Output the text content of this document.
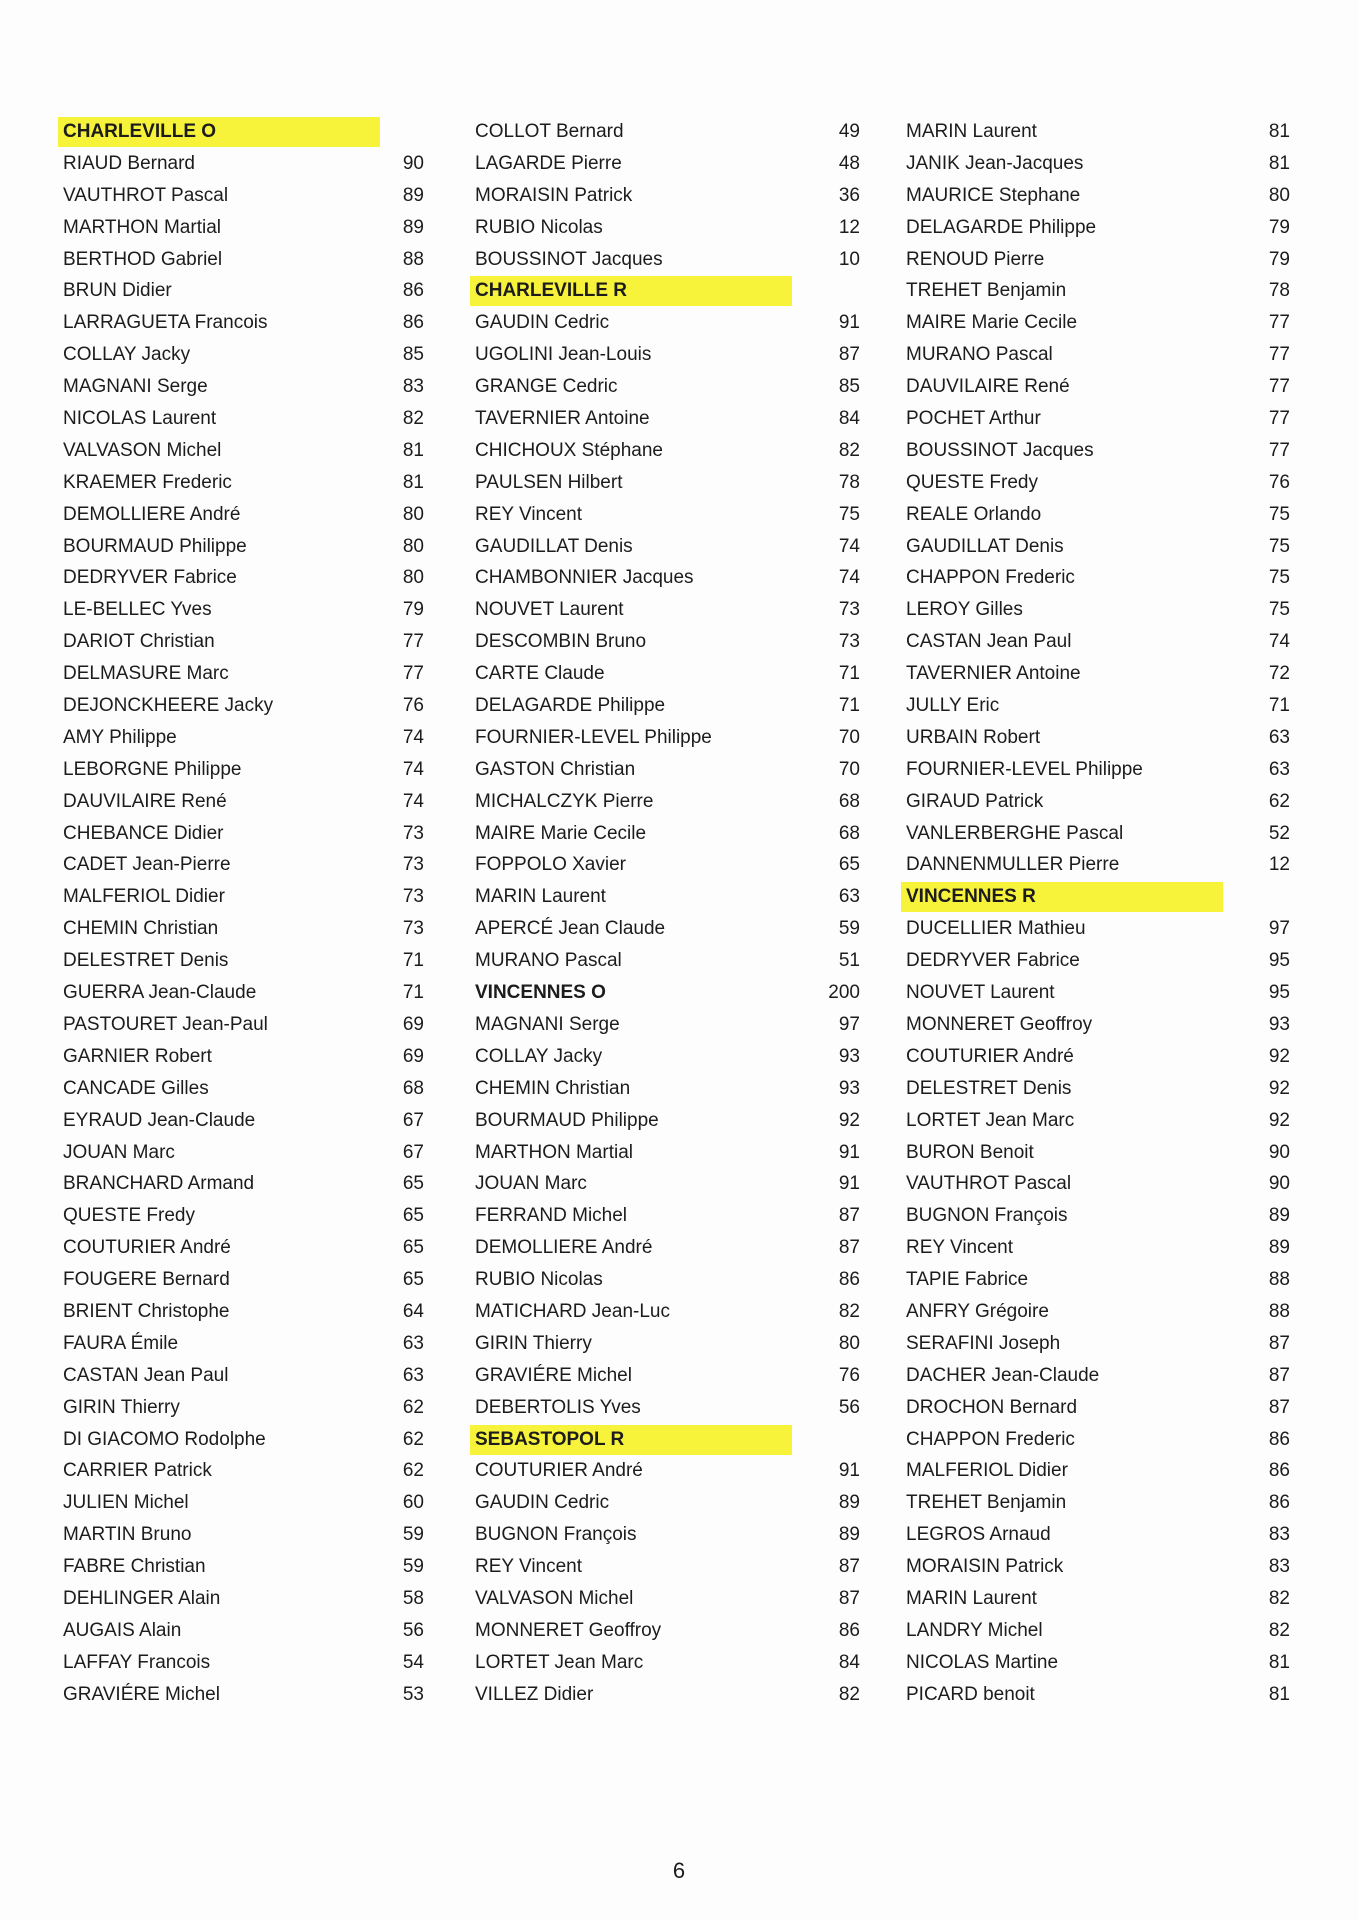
CHARLEVILLE O
RIAUD Bernard	90
VAUTHROT Pascal	89
MARTHON Martial	89
BERTHOD Gabriel	88
BRUN Didier	86
LARRAGUETA Francois	86
COLLAY Jacky	85
MAGNANI Serge	83
NICOLAS Laurent	82
VALVASON Michel	81
KRAEMER Frederic	81
DEMOLLIERE André	80
BOURMAUD Philippe	80
DEDRYVER Fabrice	80
LE-BELLEC Yves	79
DARIOT Christian	77
DELMASURE Marc	77
DEJONCKHEERE Jacky	76
AMY Philippe	74
LEBORGNE Philippe	74
DAUVILAIRE René	74
CHEBANCE Didier	73
CADET Jean-Pierre	73
MALFERIOL Didier	73
CHEMIN Christian	73
DELESTRET Denis	71
GUERRA Jean-Claude	71
PASTOURET Jean-Paul	69
GARNIER Robert	69
CANCADE Gilles	68
EYRAUD Jean-Claude	67
JOUAN Marc	67
BRANCHARD Armand	65
QUESTE Fredy	65
COUTURIER André	65
FOUGERE Bernard	65
BRIENT Christophe	64
FAURA Émile	63
CASTAN Jean Paul	63
GIRIN Thierry	62
DI GIACOMO Rodolphe	62
CARRIER Patrick	62
JULIEN Michel	60
MARTIN Bruno	59
FABRE Christian	59
DEHLINGER Alain	58
AUGAIS Alain	56
LAFFAY Francois	54
GRAVIÉRE Michel	53
COLLOT Bernard	49
LAGARDE Pierre	48
MORAISIN Patrick	36
RUBIO Nicolas	12
BOUSSINOT Jacques	10
CHARLEVILLE R
GAUDIN Cedric	91
UGOLINI Jean-Louis	87
GRANGE Cedric	85
TAVERNIER Antoine	84
CHICHOUX Stéphane	82
PAULSEN Hilbert	78
REY Vincent	75
GAUDILLAT Denis	74
CHAMBONNIER Jacques	74
NOUVET Laurent	73
DESCOMBIN Bruno	73
CARTE Claude	71
DELAGARDE Philippe	71
FOURNIER-LEVEL Philippe	70
GASTON Christian	70
MICHALCZYK Pierre	68
MAIRE Marie Cecile	68
FOPPOLO Xavier	65
MARIN Laurent	63
APERCÉ Jean Claude	59
MURANO Pascal	51
VINCENNES O	200
MAGNANI Serge	97
COLLAY Jacky	93
CHEMIN Christian	93
BOURMAUD Philippe	92
MARTHON Martial	91
JOUAN Marc	91
FERRAND Michel	87
DEMOLLIERE André	87
RUBIO Nicolas	86
MATICHARD Jean-Luc	82
GIRIN Thierry	80
GRAVIÉRE Michel	76
DEBERTOLIS Yves	56
SEBASTOPOL R
COUTURIER André	91
GAUDIN Cedric	89
BUGNON François	89
REY Vincent	87
VALVASON Michel	87
MONNERET Geoffroy	86
LORTET Jean Marc	84
VILLEZ Didier	82
MARIN Laurent	81
JANIK Jean-Jacques	81
MAURICE Stephane	80
DELAGARDE Philippe	79
RENOUD Pierre	79
TREHET Benjamin	78
MAIRE Marie Cecile	77
MURANO Pascal	77
DAUVILAIRE René	77
POCHET Arthur	77
BOUSSINOT Jacques	77
QUESTE Fredy	76
REALE Orlando	75
GAUDILLAT Denis	75
CHAPPON Frederic	75
LEROY Gilles	75
CASTAN Jean Paul	74
TAVERNIER Antoine	72
JULLY Eric	71
URBAIN Robert	63
FOURNIER-LEVEL Philippe	63
GIRAUD Patrick	62
VANLERBERGHE Pascal	52
DANNENMULLER Pierre	12
VINCENNES R
DUCELLIER Mathieu	97
DEDRYVER Fabrice	95
NOUVET Laurent	95
MONNERET Geoffroy	93
COUTURIER André	92
DELESTRET Denis	92
LORTET Jean Marc	92
BURON Benoit	90
VAUTHROT Pascal	90
BUGNON François	89
REY Vincent	89
TAPIE Fabrice	88
ANFRY Grégoire	88
SERAFINI Joseph	87
DACHER Jean-Claude	87
DROCHON Bernard	87
CHAPPON Frederic	86
MALFERIOL Didier	86
TREHET Benjamin	86
LEGROS Arnaud	83
MORAISIN Patrick	83
MARIN Laurent	82
LANDRY Michel	82
NICOLAS Martine	81
PICARD benoit	81
6
